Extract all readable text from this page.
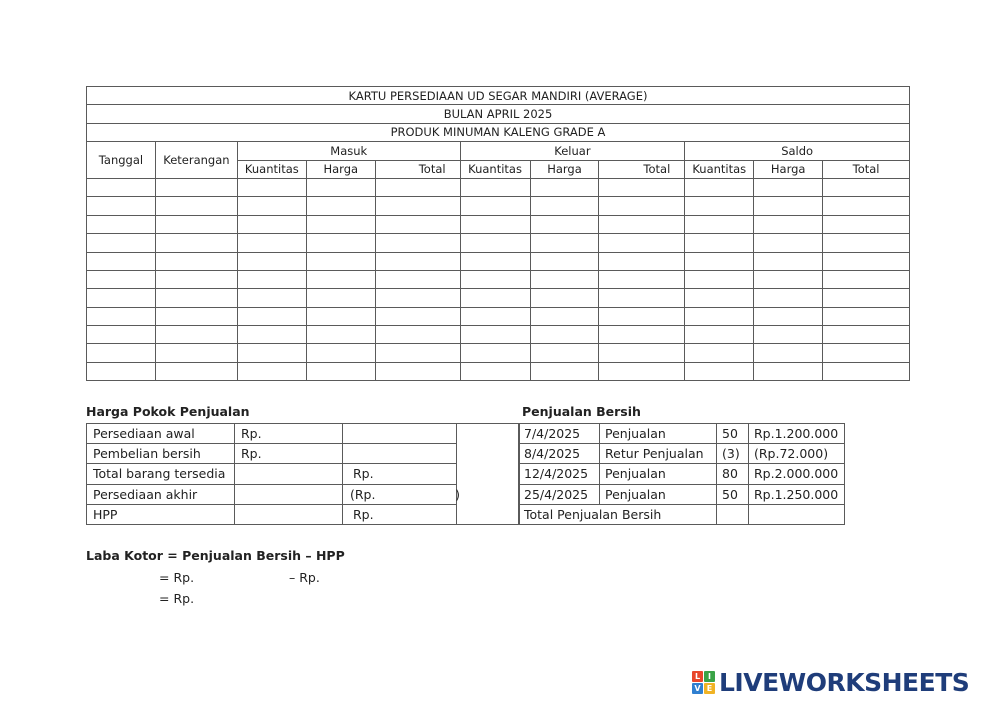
KARTU PERSEDIAAN UD SEGAR MANDIRI (AVERAGE)										
BULAN APRIL 2025										
PRODUK MINUMAN KALENG GRADE A										
Tanggal	Keterangan	Masuk			Keluar			Saldo		
		Kuantitas	Harga	Total	Kuantitas	Harga	Total	Kuantitas	Harga	Total

Harga Pokok Penjualan
Persediaan awal	Rp.		
Pembelian bersih	Rp.		
Total barang tersedia		Rp.	
Persediaan akhir		(Rp. )	

HPP		Rp.	
Penjualan Bersih
7/4/2025	Penjualan	50	Rp.1.200.000
8/4/2025	Retur Penjualan	(3)	(Rp.72.000)
12/4/2025	Penjualan	80	Rp.2.000.000
25/4/2025	Penjualan	50	Rp.1.250.000
Total Penjualan Bersih			
Laba Kotor = Penjualan Bersih – HPP
= Rp.	– Rp.
= Rp.
L I
V E LIVEWORKSHEETS
